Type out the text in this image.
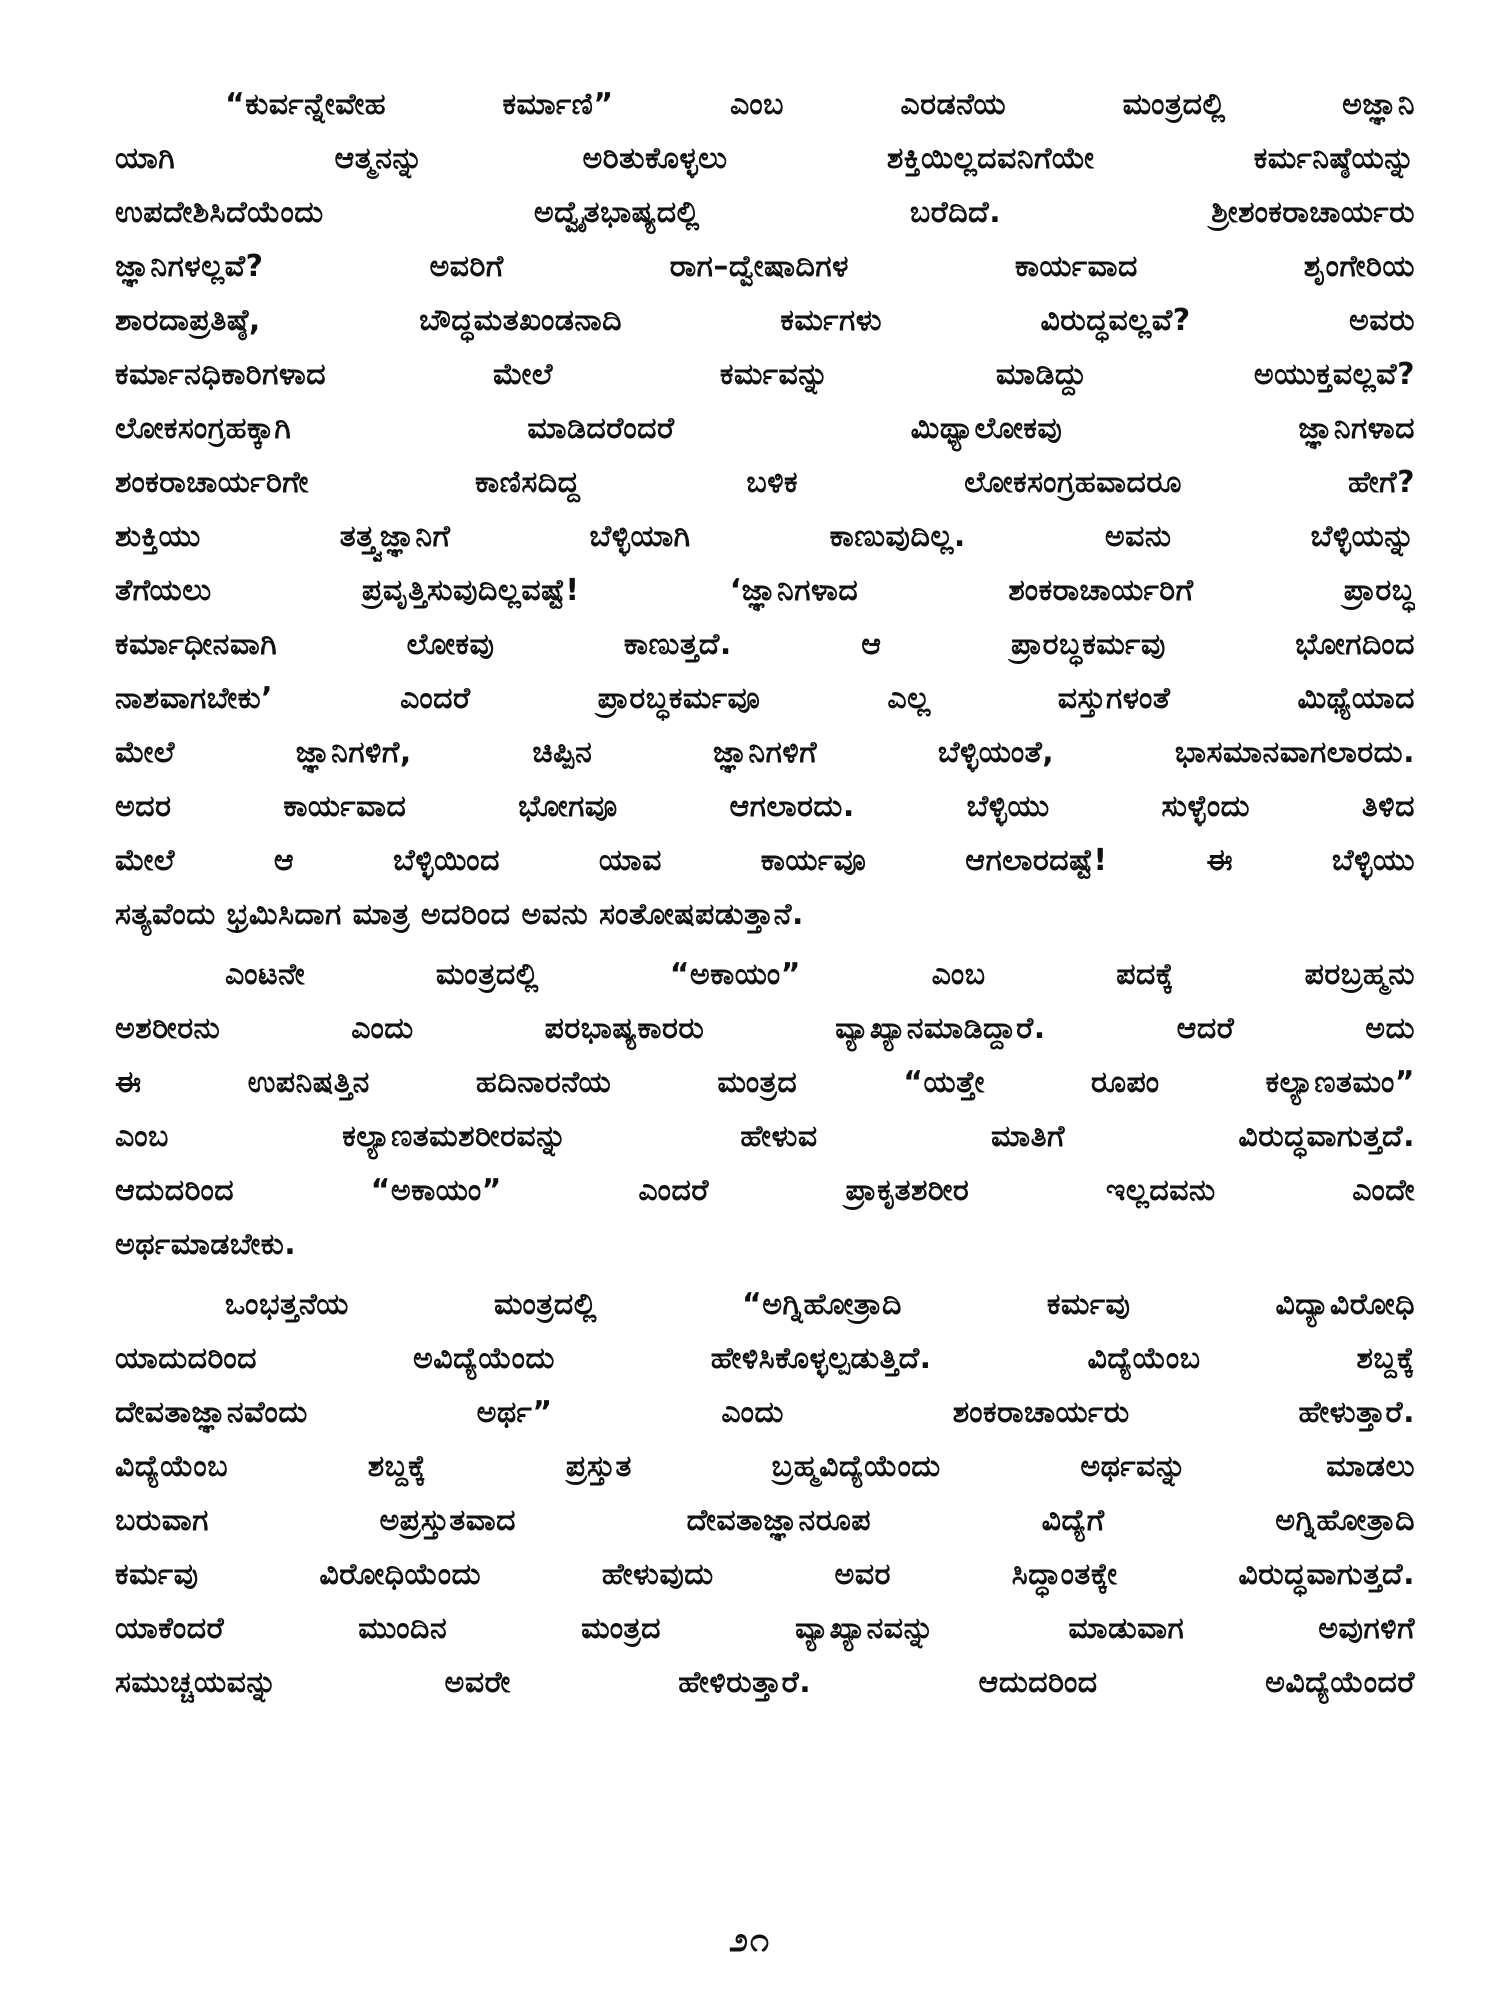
“ಕುರ್ವನ್ನೇವೇಹ ಕರ್ಮಾಣಿ” ಎಂಬ ಎರಡನೆಯ ಮಂತ್ರದಲ್ಲಿ ಅಜ್ಞಾನಿ
ಯಾಗಿ ಆತ್ಮನನ್ನು ಅರಿತುಕೊಳ್ಳಲು ಶಕ್ತಿಯಿಲ್ಲದವನಿಗೆಯೇ ಕರ್ಮನಿಷ್ಠೆಯನ್ನು
ಉಪದೇಶಿಸಿದೆಯೆಂದು ಅದ್ವೈತಭಾಷ್ಯದಲ್ಲಿ ಬರೆದಿದೆ. ಶ್ರೀಶಂಕರಾಚಾರ್ಯರು
ಜ್ಞಾನಿಗಳಲ್ಲವೆ? ಅವರಿಗೆ ರಾಗ–ದ್ವೇಷಾದಿಗಳ ಕಾರ್ಯವಾದ ಶೃಂಗೇರಿಯ
ಶಾರದಾಪ್ರತಿಷ್ಠೆ, ಬೌದ್ಧಮತಖಂಡನಾದಿ ಕರ್ಮಗಳು ವಿರುದ್ಧವಲ್ಲವೆ? ಅವರು
ಕರ್ಮಾನಧಿಕಾರಿಗಳಾದ ಮೇಲೆ ಕರ್ಮವನ್ನು ಮಾಡಿದ್ದು ಅಯುಕ್ತವಲ್ಲವೆ?
ಲೋಕಸಂಗ್ರಹಕ್ಕಾಗಿ ಮಾಡಿದರೆಂದರೆ ಮಿಥ್ಯಾಲೋಕವು ಜ್ಞಾನಿಗಳಾದ
ಶಂಕರಾಚಾರ್ಯರಿಗೇ ಕಾಣಿಸದಿದ್ದ ಬಳಿಕ ಲೋಕಸಂಗ್ರಹವಾದರೂ ಹೇಗೆ?
ಶುಕ್ತಿಯು ತತ್ತ್ವಜ್ಞಾನಿಗೆ ಬೆಳ್ಳಿಯಾಗಿ ಕಾಣುವುದಿಲ್ಲ. ಅವನು ಬೆಳ್ಳಿಯನ್ನು
ತೆಗೆಯಲು ಪ್ರವೃತ್ತಿಸುವುದಿಲ್ಲವಷ್ಟೆ! ‘ಜ್ಞಾನಿಗಳಾದ ಶಂಕರಾಚಾರ್ಯರಿಗೆ ಪ್ರಾರಬ್ಧ
ಕರ್ಮಾಧೀನವಾಗಿ ಲೋಕವು ಕಾಣುತ್ತದೆ. ಆ ಪ್ರಾರಬ್ಧಕರ್ಮವು ಭೋಗದಿಂದ
ನಾಶವಾಗಬೇಕು’ ಎಂದರೆ ಪ್ರಾರಬ್ಧಕರ್ಮವೂ ಎಲ್ಲ ವಸ್ತುಗಳಂತೆ ಮಿಥ್ಯೆಯಾದ
ಮೇಲೆ ಜ್ಞಾನಿಗಳಿಗೆ, ಚಿಪ್ಪಿನ ಜ್ಞಾನಿಗಳಿಗೆ ಬೆಳ್ಳಿಯಂತೆ, ಭಾಸಮಾನವಾಗಲಾರದು.
ಅದರ ಕಾರ್ಯವಾದ ಭೋಗವೂ ಆಗಲಾರದು. ಬೆಳ್ಳಿಯು ಸುಳ್ಳೆಂದು ತಿಳಿದ
ಮೇಲೆ ಆ ಬೆಳ್ಳಿಯಿಂದ ಯಾವ ಕಾರ್ಯವೂ ಆಗಲಾರದಷ್ಟೆ! ಈ ಬೆಳ್ಳಿಯು
ಸತ್ಯವೆಂದು ಭ್ರಮಿಸಿದಾಗ ಮಾತ್ರ ಅದರಿಂದ ಅವನು ಸಂತೋಷಪಡುತ್ತಾನೆ.
ಎಂಟನೇ ಮಂತ್ರದಲ್ಲಿ “ಅಕಾಯಂ” ಎಂಬ ಪದಕ್ಕೆ ಪರಬ್ರಹ್ಮನು
ಅಶರೀರನು ಎಂದು ಪರಭಾಷ್ಯಕಾರರು ವ್ಯಾಖ್ಯಾನಮಾಡಿದ್ದಾರೆ. ಆದರೆ ಅದು
ಈ ಉಪನಿಷತ್ತಿನ ಹದಿನಾರನೆಯ ಮಂತ್ರದ “ಯತ್ತೇ ರೂಪಂ ಕಲ್ಯಾಣತಮಂ”
ಎಂಬ ಕಲ್ಯಾಣತಮಶರೀರವನ್ನು ಹೇಳುವ ಮಾತಿಗೆ ವಿರುದ್ಧವಾಗುತ್ತದೆ.
ಆದುದರಿಂದ “ಅಕಾಯಂ” ಎಂದರೆ ಪ್ರಾಕೃತಶರೀರ ಇಲ್ಲದವನು ಎಂದೇ
ಅರ್ಥಮಾಡಬೇಕು.
ಒಂಭತ್ತನೆಯ ಮಂತ್ರದಲ್ಲಿ “ಅಗ್ನಿಹೋತ್ರಾದಿ ಕರ್ಮವು ವಿದ್ಯಾವಿರೋಧಿ
ಯಾದುದರಿಂದ ಅವಿದ್ಯೆಯೆಂದು ಹೇಳಿಸಿಕೊಳ್ಳಲ್ಪಡುತ್ತಿದೆ. ವಿದ್ಯೆಯೆಂಬ ಶಬ್ದಕ್ಕೆ
ದೇವತಾಜ್ಞಾನವೆಂದು ಅರ್ಥ” ಎಂದು ಶಂಕರಾಚಾರ್ಯರು ಹೇಳುತ್ತಾರೆ.
ವಿದ್ಯೆಯೆಂಬ ಶಬ್ದಕ್ಕೆ ಪ್ರಸ್ತುತ ಬ್ರಹ್ಮವಿದ್ಯೆಯೆಂದು ಅರ್ಥವನ್ನು ಮಾಡಲು
ಬರುವಾಗ ಅಪ್ರಸ್ತುತವಾದ ದೇವತಾಜ್ಞಾನರೂಪ ವಿದ್ಯೆಗೆ ಅಗ್ನಿಹೋತ್ರಾದಿ
ಕರ್ಮವು ವಿರೋಧಿಯೆಂದು ಹೇಳುವುದು ಅವರ ಸಿದ್ಧಾಂತಕ್ಕೇ ವಿರುದ್ಧವಾಗುತ್ತದೆ.
ಯಾಕೆಂದರೆ ಮುಂದಿನ ಮಂತ್ರದ ವ್ಯಾಖ್ಯಾನವನ್ನು ಮಾಡುವಾಗ ಅವುಗಳಿಗೆ
ಸಮುಚ್ಚಯವನ್ನು ಅವರೇ ಹೇಳಿರುತ್ತಾರೆ. ಆದುದರಿಂದ ಅವಿದ್ಯೆಯೆಂದರೆ
೨೧
